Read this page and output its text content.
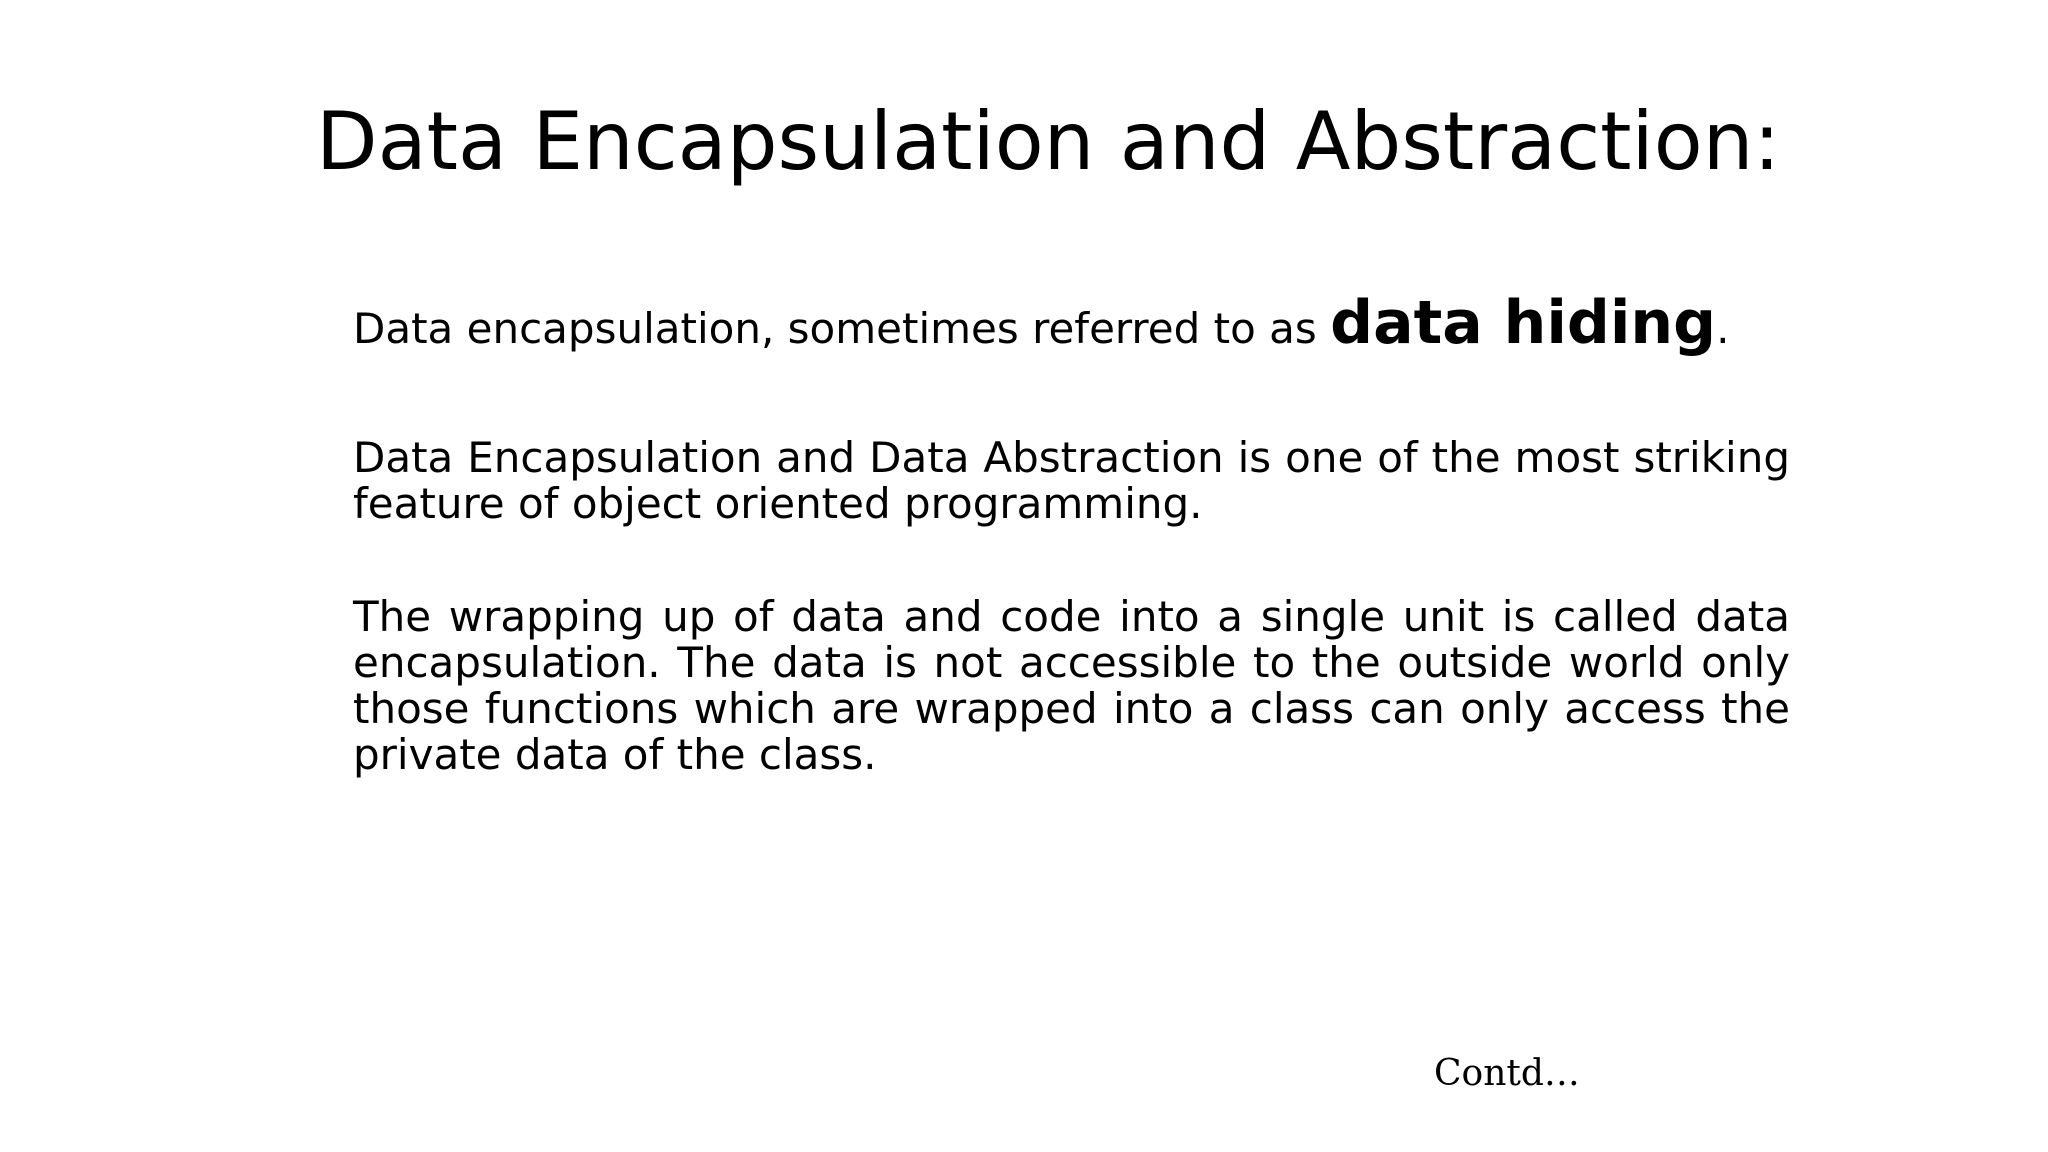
Data Encapsulation and Abstraction:

Data encapsulation, sometimes referred to as data hiding.

Data Encapsulation and Data Abstraction is one of the most striking feature of object oriented programming.

The wrapping up of data and code into a single unit is called data encapsulation. The data is not accessible to the outside world only those functions which are wrapped into a class can only access the private data of the class.

Contd…
